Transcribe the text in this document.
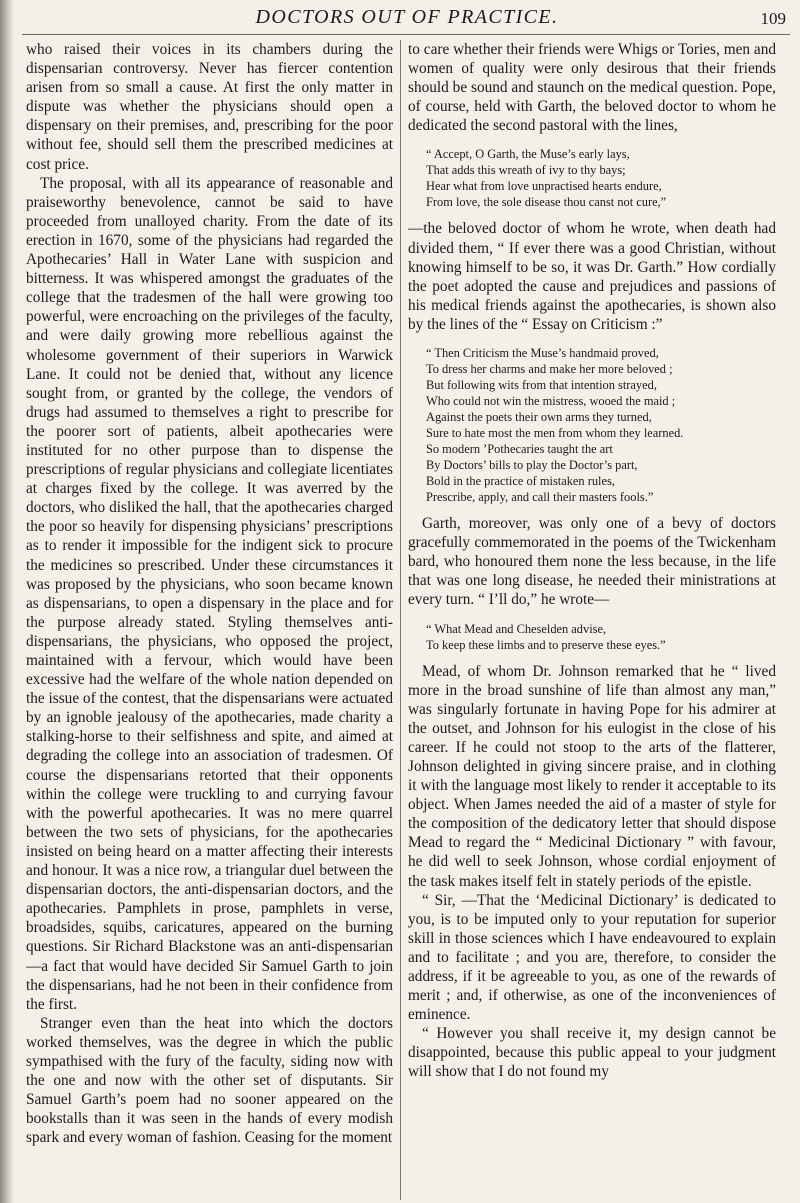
DOCTORS OUT OF PRACTICE.	109

who raised their voices in its chambers during the dispensarian controversy. Never has fiercer contention arisen from so small a cause. At first the only matter in dispute was whether the physicians should open a dispensary on their premises, and, prescribing for the poor without fee, should sell them the prescribed medicines at cost price.

The proposal, with all its appearance of reasonable and praiseworthy benevolence, cannot be said to have proceeded from unalloyed charity. From the date of its erection in 1670, some of the physicians had regarded the Apothecaries’ Hall in Water Lane with suspicion and bitterness. It was whispered amongst the graduates of the college that the tradesmen of the hall were growing too powerful, were encroaching on the privileges of the faculty, and were daily growing more rebellious against the wholesome government of their superiors in Warwick Lane. It could not be denied that, without any licence sought from, or granted by the college, the vendors of drugs had assumed to themselves a right to prescribe for the poorer sort of patients, albeit apothecaries were instituted for no other purpose than to dispense the prescriptions of regular physicians and collegiate licentiates at charges fixed by the college. It was averred by the doctors, who disliked the hall, that the apothecaries charged the poor so heavily for dispensing physicians’ prescriptions as to render it impossible for the indigent sick to procure the medicines so prescribed. Under these circumstances it was proposed by the physicians, who soon became known as dispensarians, to open a dispensary in the place and for the purpose already stated. Styling themselves anti-dispensarians, the physicians, who opposed the project, maintained with a fervour, which would have been excessive had the welfare of the whole nation depended on the issue of the contest, that the dispensarians were actuated by an ignoble jealousy of the apothecaries, made charity a stalking-horse to their selfishness and spite, and aimed at degrading the college into an association of tradesmen. Of course the dispensarians retorted that their opponents within the college were truckling to and currying favour with the powerful apothecaries. It was no mere quarrel between the two sets of physicians, for the apothecaries insisted on being heard on a matter affecting their interests and honour. It was a nice row, a triangular duel between the dispensarian doctors, the anti-dispensarian doctors, and the apothecaries. Pamphlets in prose, pamphlets in verse, broadsides, squibs, caricatures, appeared on the burning questions. Sir Richard Blackstone was an anti-dispensarian—a fact that would have decided Sir Samuel Garth to join the dispensarians, had he not been in their confidence from the first.

Stranger even than the heat into which the doctors worked themselves, was the degree in which the public sympathised with the fury of the faculty, siding now with the one and now with the other set of disputants. Sir Samuel Garth’s poem had no sooner appeared on the bookstalls than it was seen in the hands of every modish spark and every woman of fashion. Ceasing for the moment

to care whether their friends were Whigs or Tories, men and women of quality were only desirous that their friends should be sound and staunch on the medical question. Pope, of course, held with Garth, the beloved doctor to whom he dedicated the second pastoral with the lines,

“ Accept, O Garth, the Muse’s early lays,
That adds this wreath of ivy to thy bays;
Hear what from love unpractised hearts endure,
From love, the sole disease thou canst not cure,”

—the beloved doctor of whom he wrote, when death had divided them, “ If ever there was a good Christian, without knowing himself to be so, it was Dr. Garth.” How cordially the poet adopted the cause and prejudices and passions of his medical friends against the apothecaries, is shown also by the lines of the “ Essay on Criticism :”

“ Then Criticism the Muse’s handmaid proved,
To dress her charms and make her more beloved ;
But following wits from that intention strayed,
Who could not win the mistress, wooed the maid ;
Against the poets their own arms they turned,
Sure to hate most the men from whom they learned.
So modern ’Pothecaries taught the art
By Doctors’ bills to play the Doctor’s part,
Bold in the practice of mistaken rules,
Prescribe, apply, and call their masters fools.”

Garth, moreover, was only one of a bevy of doctors gracefully commemorated in the poems of the Twickenham bard, who honoured them none the less because, in the life that was one long disease, he needed their ministrations at every turn. “ I’ll do,” he wrote—

“ What Mead and Cheselden advise,
To keep these limbs and to preserve these eyes.”

Mead, of whom Dr. Johnson remarked that he “ lived more in the broad sunshine of life than almost any man,” was singularly fortunate in having Pope for his admirer at the outset, and Johnson for his eulogist in the close of his career. If he could not stoop to the arts of the flatterer, Johnson delighted in giving sincere praise, and in clothing it with the language most likely to render it acceptable to its object. When James needed the aid of a master of style for the composition of the dedicatory letter that should dispose Mead to regard the “ Medicinal Dictionary ” with favour, he did well to seek Johnson, whose cordial enjoyment of the task makes itself felt in stately periods of the epistle.

“ Sir, —That the ‘Medicinal Dictionary’ is dedicated to you, is to be imputed only to your reputation for superior skill in those sciences which I have endeavoured to explain and to facilitate ; and you are, therefore, to consider the address, if it be agreeable to you, as one of the rewards of merit ; and, if otherwise, as one of the inconveniences of eminence.

“ However you shall receive it, my design cannot be disappointed, because this public appeal to your judgment will show that I do not found my
